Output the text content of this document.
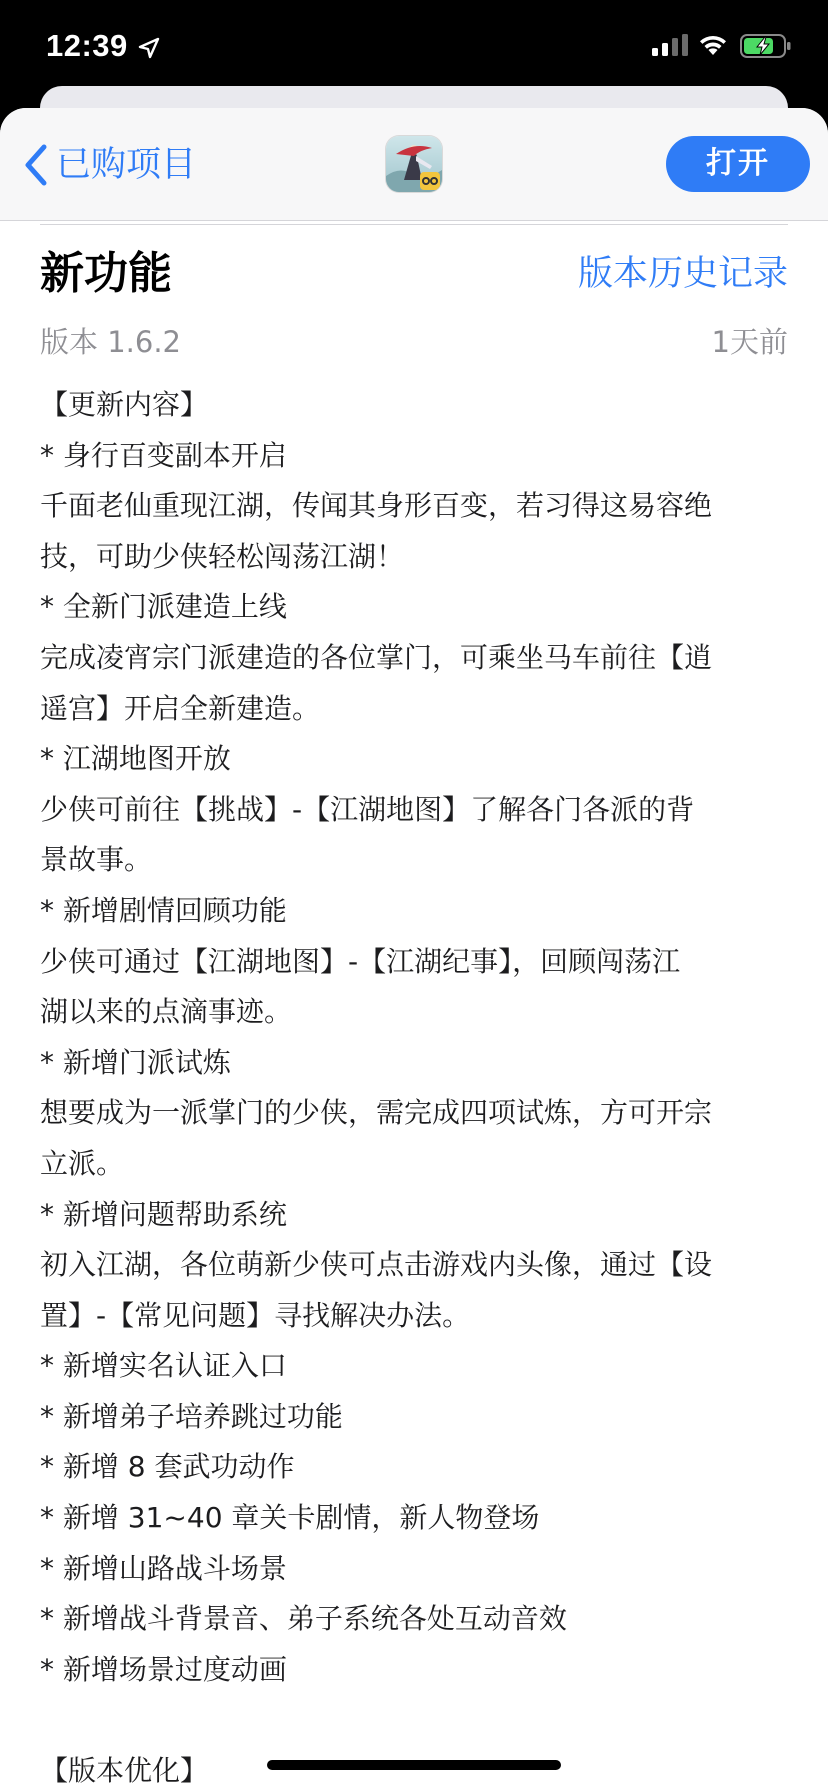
12:39
已购项目	打开
新功能	版本历史记录
版本 1.6.2	1天前
【更新内容】
* 身行百变副本开启
千面老仙重现江湖，传闻其身形百变，若习得这易容绝
技，可助少侠轻松闯荡江湖！
* 全新门派建造上线
完成凌宵宗门派建造的各位掌门，可乘坐马车前往【逍
遥宫】开启全新建造。
* 江湖地图开放
少侠可前往【挑战】-【江湖地图】了解各门各派的背
景故事。
* 新增剧情回顾功能
少侠可通过【江湖地图】-【江湖纪事】，回顾闯荡江
湖以来的点滴事迹。
* 新增门派试炼
想要成为一派掌门的少侠，需完成四项试炼，方可开宗
立派。
* 新增问题帮助系统
初入江湖，各位萌新少侠可点击游戏内头像，通过【设
置】-【常见问题】寻找解决办法。
* 新增实名认证入口
* 新增弟子培养跳过功能
* 新增 8 套武功动作
* 新增 31~40 章关卡剧情，新人物登场
* 新增山路战斗场景
* 新增战斗背景音、弟子系统各处互动音效
* 新增场景过度动画
【版本优化】
